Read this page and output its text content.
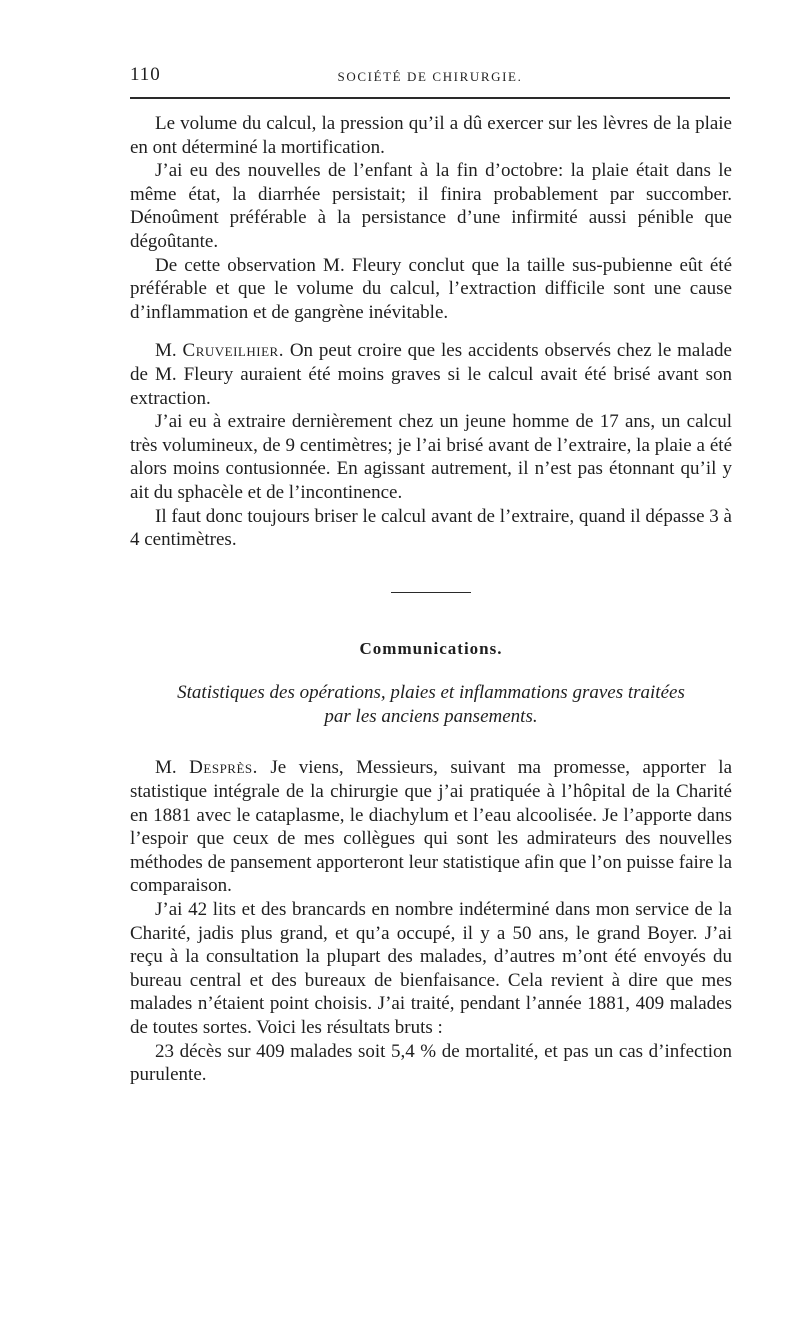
110	SOCIÉTÉ DE CHIRURGIE.

Le volume du calcul, la pression qu’il a dû exercer sur les lèvres de la plaie en ont déterminé la mortification.

J’ai eu des nouvelles de l’enfant à la fin d’octobre: la plaie était dans le même état, la diarrhée persistait; il finira probablement par succomber. Dénoûment préférable à la persistance d’une infirmité aussi pénible que dégoûtante.

De cette observation M. Fleury conclut que la taille sus-pubienne eût été préférable et que le volume du calcul, l’extraction difficile sont une cause d’inflammation et de gangrène inévitable.

M. Cruveilhier. On peut croire que les accidents observés chez le malade de M. Fleury auraient été moins graves si le calcul avait été brisé avant son extraction.

J’ai eu à extraire dernièrement chez un jeune homme de 17 ans, un calcul très volumineux, de 9 centimètres; je l’ai brisé avant de l’extraire, la plaie a été alors moins contusionnée. En agissant autrement, il n’est pas étonnant qu’il y ait du sphacèle et de l’incontinence.

Il faut donc toujours briser le calcul avant de l’extraire, quand il dépasse 3 à 4 centimètres.

Communications.
Statistiques des opérations, plaies et inflammations graves traitées
par les anciens pansements.

M. Desprès. Je viens, Messieurs, suivant ma promesse, apporter la statistique intégrale de la chirurgie que j’ai pratiquée à l’hôpital de la Charité en 1881 avec le cataplasme, le diachylum et l’eau alcoolisée. Je l’apporte dans l’espoir que ceux de mes collègues qui sont les admirateurs des nouvelles méthodes de pansement apporteront leur statistique afin que l’on puisse faire la comparaison.

J’ai 42 lits et des brancards en nombre indéterminé dans mon service de la Charité, jadis plus grand, et qu’a occupé, il y a 50 ans, le grand Boyer. J’ai reçu à la consultation la plupart des malades, d’autres m’ont été envoyés du bureau central et des bureaux de bienfaisance. Cela revient à dire que mes malades n’étaient point choisis. J’ai traité, pendant l’année 1881, 409 malades de toutes sortes. Voici les résultats bruts :

23 décès sur 409 malades soit 5,4 % de mortalité, et pas un cas d’infection purulente.
